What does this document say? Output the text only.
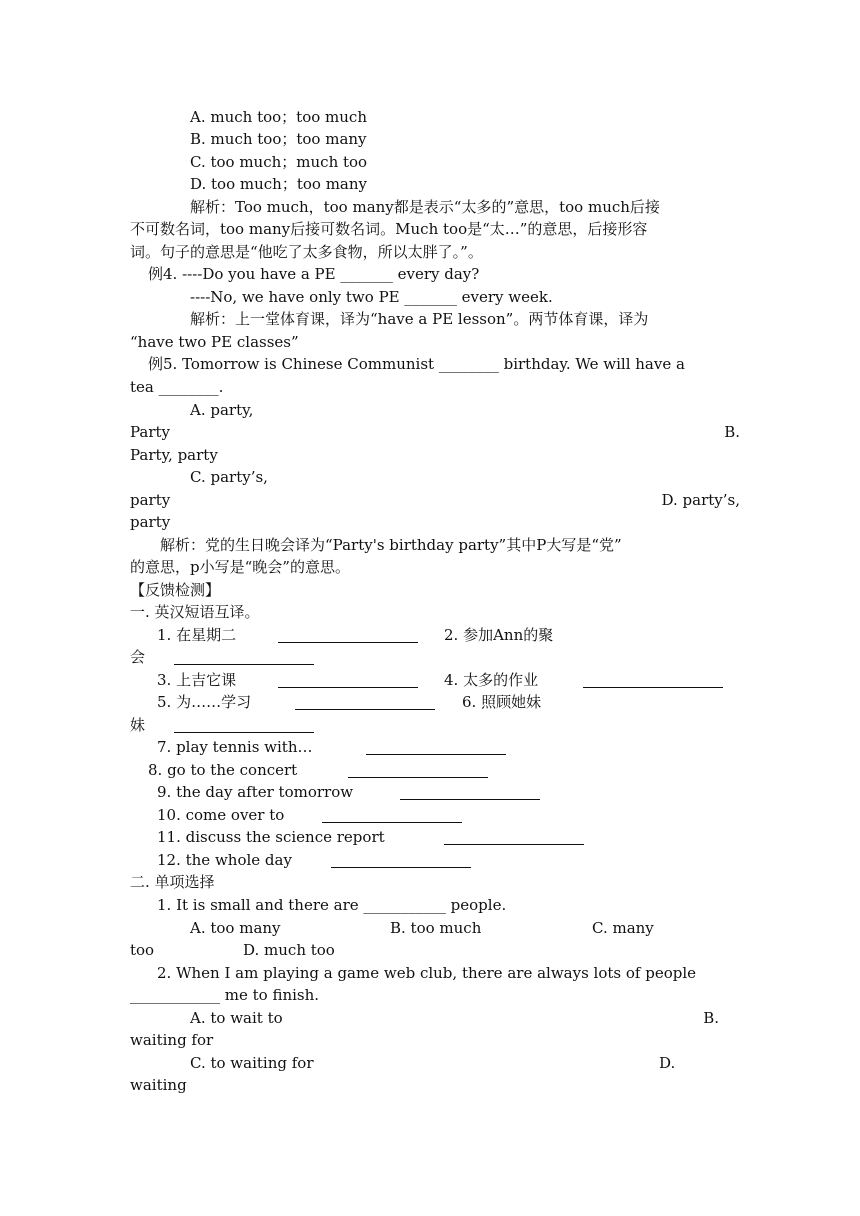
A. much too；too much
B. much too；too many
C. too much；much too
D. too much；too many
解析：Too much，too many都是表示“太多的”意思，too much后接
不可数名词，too many后接可数名词。Much too是“太…”的意思，后接形容
词。句子的意思是“他吃了太多食物，所以太胖了。”。
例4. ----Do you have a PE _______ every day?
----No, we have only two PE _______ every week.
解析：上一堂体育课，译为“have a PE lesson”。两节体育课，译为
“have two PE classes”
例5. Tomorrow is Chinese Communist ________ birthday. We will have a
tea ________.
A. party,
Party	B.
Party, party
C. party’s,
party	D. party’s,
party
解析：党的生日晚会译为“Party's birthday party”其中P大写是“党”
的意思，p小写是“晚会”的意思。
【反馈检测】
一. 英汉短语互译。
1. 在星期二	2. 参加Ann的聚
会
3. 上吉它课	4. 太多的作业
5. 为……学习	6. 照顾她妹
妹
7. play tennis with…
8. go to the concert
9. the day after tomorrow
10. come over to
11. discuss the science report
12. the whole day
二. 单项选择
1. It is small and there are ___________ people.
A. too many	B. too much	C. many
too	D. much too
2. When I am playing a game web club, there are always lots of people
____________ me to finish.
A. to wait to	B.
waiting for
C. to waiting for	D.
waiting
